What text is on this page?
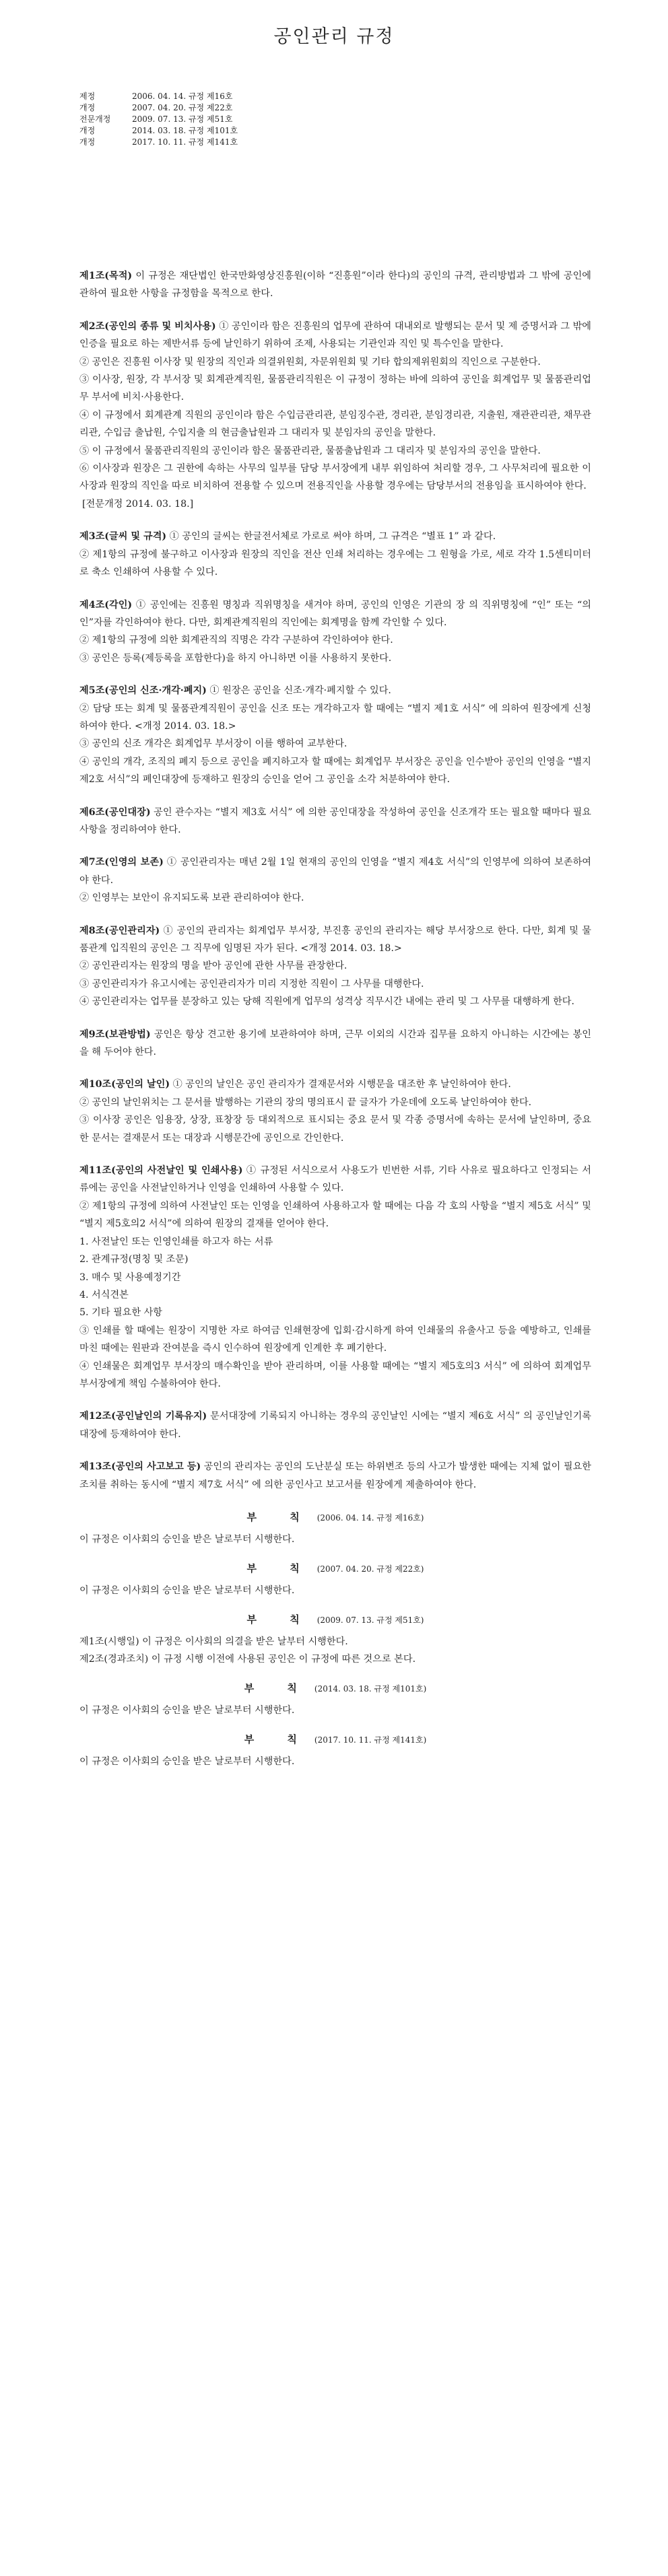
공인관리 규정
제정	2006. 04. 14. 규정 제16호
개정	2007. 04. 20. 규정 제22호
전문개정	2009. 07. 13. 규정 제51호
개정	2014. 03. 18. 규정 제101호
개정	2017. 10. 11. 규정 제141호

제1조(목적) 이 규정은 재단법인 한국만화영상진흥원(이하 “진흥원”이라 한다)의 공인의 규격, 관리방법과 그 밖에 공인에 관하여 필요한 사항을 규정함을 목적으로 한다.

제2조(공인의 종류 및 비치사용) ① 공인이라 함은 진흥원의 업무에 관하여 대내외로 발행되는 문서 및 제 증명서과 그 밖에 인증을 필요로 하는 제반서류 등에 날인하기 위하여 조제, 사용되는 기관인과 직인 및 특수인을 말한다.

② 공인은 진흥원 이사장 및 원장의 직인과 의결위원회, 자문위원회 및 기타 합의제위원회의 직인으로 구분한다.

③ 이사장, 원장, 각 부서장 및 회계관계직원, 물품관리직원은 이 규정이 정하는 바에 의하여 공인을 회계업무 및 물품관리업무 부서에 비치·사용한다.

④ 이 규정에서 회계관계 직원의 공인이라 함은 수입금관리관, 분임징수관, 경리관, 분임경리관, 지출원, 재관관리관, 채무관리관, 수입금 출납원, 수입지출 의 현금출납원과 그 대리자 및 분임자의 공인을 말한다.

⑤ 이 규정에서 물품관리직원의 공인이라 함은 물품관리관, 물품출납원과 그 대리자 및 분임자의 공인을 말한다.

⑥ 이사장과 원장은 그 권한에 속하는 사무의 일부를 담당 부서장에게 내부 위임하여 처리할 경우, 그 사무처리에 필요한 이사장과 원장의 직인을 따로 비치하여 전용할 수 있으며 전용직인을 사용할 경우에는 담당부서의 전용임을 표시하여야 한다.

[전문개정 2014. 03. 18.]

제3조(글씨 및 규격) ① 공인의 글씨는 한글전서체로 가로로 써야 하며, 그 규격은 “별표 1” 과 같다.

② 제1항의 규정에 불구하고 이사장과 원장의 직인을 전산 인쇄 처리하는 경우에는 그 원형을 가로, 세로 각각 1.5센티미터로 축소 인쇄하여 사용할 수 있다.

제4조(각인) ① 공인에는 진흥원 명칭과 직위명칭을 새겨야 하며, 공인의 인영은 기관의 장 의 직위명칭에 “인” 또는 “의인”자를 각인하여야 한다. 다만, 회계관계직원의 직인에는 회계명을 함께 각인할 수 있다.

② 제1항의 규정에 의한 회계관직의 직명은 각각 구분하여 각인하여야 한다.

③ 공인은 등록(제등록을 포함한다)을 하지 아니하면 이를 사용하지 못한다.

제5조(공인의 신조·개각·폐지) ① 원장은 공인을 신조·개각·폐지할 수 있다.

② 담당 또는 회계 및 물품관계직원이 공인을 신조 또는 개각하고자 할 때에는 “별지 제1호 서식” 에 의하여 원장에게 신청하여야 한다. <개정 2014. 03. 18.>

③ 공인의 신조 개각은 회계업무 부서장이 이를 행하여 교부한다.

④ 공인의 개각, 조직의 폐지 등으로 공인을 폐지하고자 할 때에는 회계업무 부서장은 공인을 인수받아 공인의 인영을 “별지 제2호 서식”의 폐인대장에 등재하고 원장의 승인을 얻어 그 공인을 소각 처분하여야 한다.

제6조(공인대장) 공인 관수자는 “별지 제3호 서식” 에 의한 공인대장을 작성하여 공인을 신조개각 또는 필요할 때마다 필요사항을 정리하여야 한다.

제7조(인영의 보존) ① 공인관리자는 매년 2월 1일 현재의 공인의 인영을 “별지 제4호 서식”의 인영부에 의하여 보존하여야 한다.

② 인영부는 보안이 유지되도록 보관 관리하여야 한다.

제8조(공인관리자) ① 공인의 관리자는 회계업무 부서장, 부진흥 공인의 관리자는 해당 부서장으로 한다. 다만, 회계 및 물품관계 입직원의 공인은 그 직무에 임명된 자가 된다. <개정 2014. 03. 18.>

② 공인관리자는 원장의 명을 받아 공인에 관한 사무를 관장한다.

③ 공인관리자가 유고시에는 공인관리자가 미리 지정한 직원이 그 사무를 대행한다.

④ 공인관리자는 업무를 분장하고 있는 당해 직원에게 업무의 성격상 직무시간 내에는 관리 및 그 사무를 대행하게 한다.

제9조(보관방법) 공인은 항상 견고한 용기에 보관하여야 하며, 근무 이외의 시간과 집무를 요하지 아니하는 시간에는 봉인을 해 두어야 한다.

제10조(공인의 날인) ① 공인의 날인은 공인 관리자가 결재문서와 시행문을 대조한 후 날인하여야 한다.

② 공인의 날인위치는 그 문서를 발행하는 기관의 장의 명의표시 끝 글자가 가운데에 오도록 날인하여야 한다.

③ 이사장 공인은 임용장, 상장, 표창장 등 대외적으로 표시되는 중요 문서 및 각종 증명서에 속하는 문서에 날인하며, 중요한 문서는 결재문서 또는 대장과 시행문간에 공인으로 간인한다.

제11조(공인의 사전날인 및 인쇄사용) ① 규정된 서식으로서 사용도가 빈번한 서류, 기타 사유로 필요하다고 인정되는 서류에는 공인을 사전날인하거나 인영을 인쇄하여 사용할 수 있다.

② 제1항의 규정에 의하여 사전날인 또는 인영을 인쇄하여 사용하고자 할 때에는 다음 각 호의 사항을 “별지 제5호 서식” 및 “별지 제5호의2 서식”에 의하여 원장의 결재를 얻어야 한다.

1. 사전날인 또는 인영인쇄를 하고자 하는 서류

2. 관계규정(명칭 및 조문)

3. 매수 및 사용예정기간

4. 서식견본

5. 기타 필요한 사항

③ 인쇄를 할 때에는 원장이 지명한 자로 하여금 인쇄현장에 입회·감시하게 하여 인쇄물의 유출사고 등을 예방하고, 인쇄를 마친 때에는 원판과 잔여분을 즉시 인수하여 원장에게 인계한 후 폐기한다.

④ 인쇄물은 회계업무 부서장의 매수확인을 받아 관리하며, 이를 사용할 때에는 “별지 제5호의3 서식” 에 의하여 회계업무 부서장에게 책임 수불하여야 한다.

제12조(공인날인의 기록유지) 문서대장에 기록되지 아니하는 경우의 공인날인 시에는 “별지 제6호 서식” 의 공인날인기록대장에 등재하여야 한다.

제13조(공인의 사고보고 등) 공인의 관리자는 공인의 도난분실 또는 하위변조 등의 사고가 발생한 때에는 지체 없이 필요한 조치를 취하는 동시에 “별지 제7호 서식” 에 의한 공인사고 보고서를 원장에게 제출하여야 한다.

부 칙 (2006. 04. 14. 규정 제16호)

이 규정은 이사회의 승인을 받은 날로부터 시행한다.

부 칙 (2007. 04. 20. 규정 제22호)

이 규정은 이사회의 승인을 받은 날로부터 시행한다.

부 칙 (2009. 07. 13. 규정 제51호)

제1조(시행일) 이 규정은 이사회의 의결을 받은 날부터 시행한다.

제2조(경과조치) 이 규정 시행 이전에 사용된 공인은 이 규정에 따른 것으로 본다.

부 칙 (2014. 03. 18. 규정 제101호)

이 규정은 이사회의 승인을 받은 날로부터 시행한다.

부 칙 (2017. 10. 11. 규정 제141호)

이 규정은 이사회의 승인을 받은 날로부터 시행한다.
